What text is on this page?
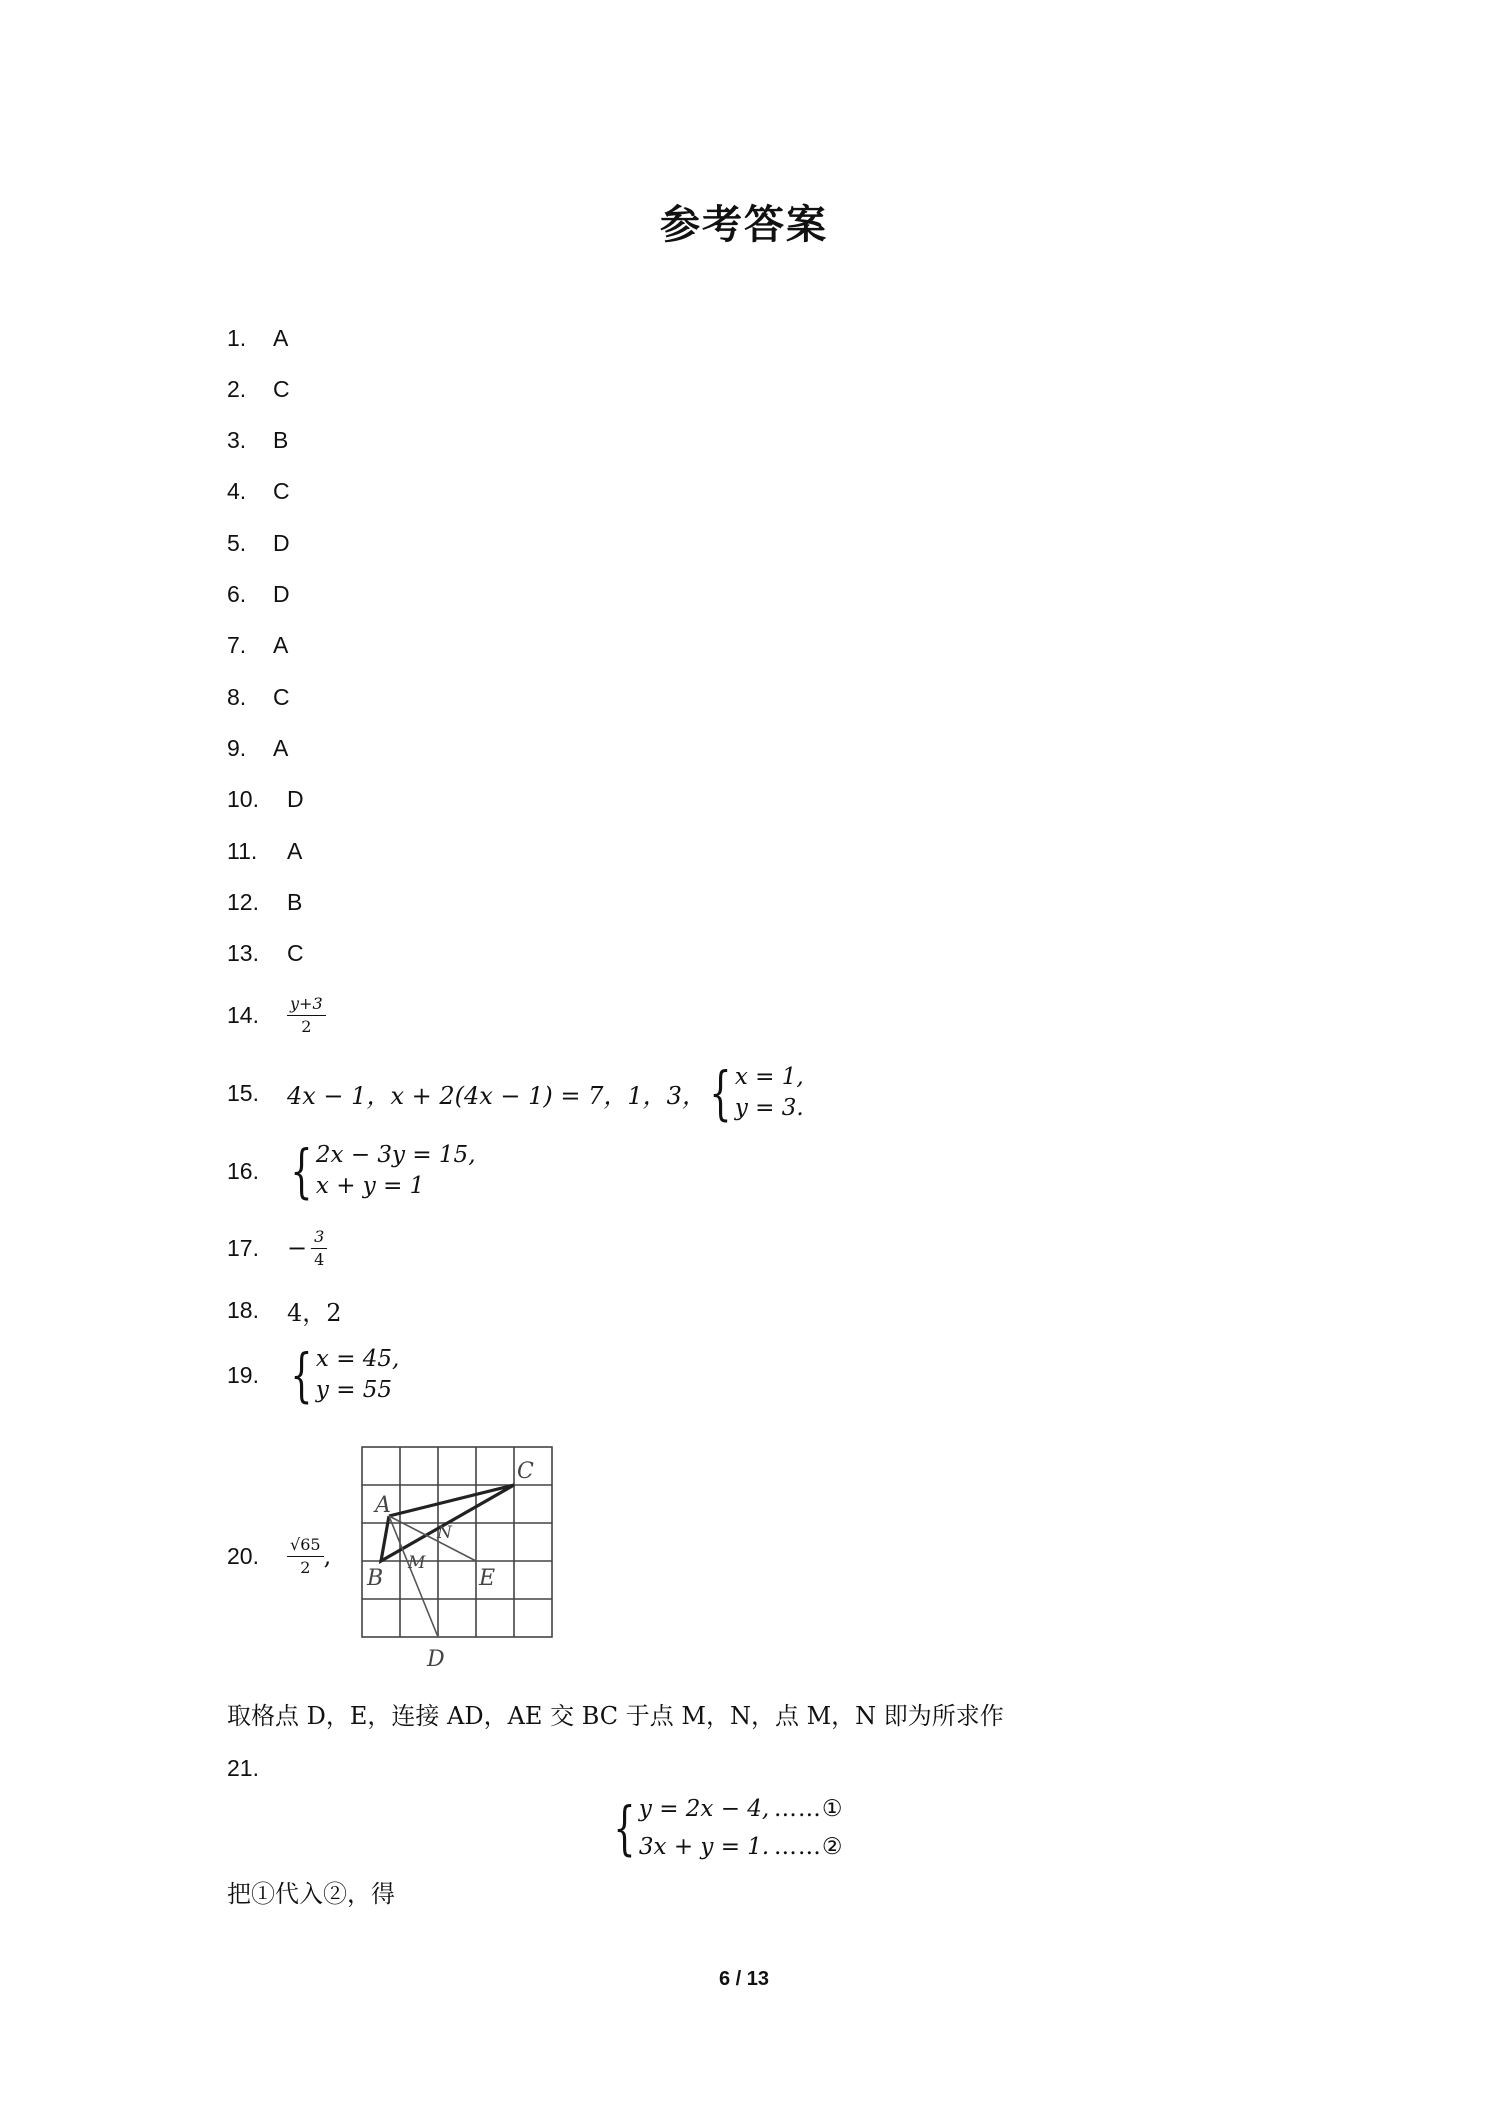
参考答案
1.	A
2.	C
3.	B
4.	C
5.	D
6.	D
7.	A
8.	C
9.	A
10.	D
11.	A
12.	B
13.	C
14.	$\frac{y+3}{2}$
15.	4x − 1，x + 2(4x − 1) = 7，1，3， { x = 1,
y = 3.
16. { 2x − 3y = 15,
x + y = 1
17.	− $\frac{3}{4}$
18.	4，2
19. { x = 45,
y = 55
20.	$\frac{√65}{2}$ ,
A
C
B	E
D
M
N
取格点 D，E，连接 AD，AE 交 BC 于点 M，N，点 M，N 即为所求作
21.
{ y = 2x − 4, ……①
3x + y = 1. ……②
把①代入②，得
6 / 13
